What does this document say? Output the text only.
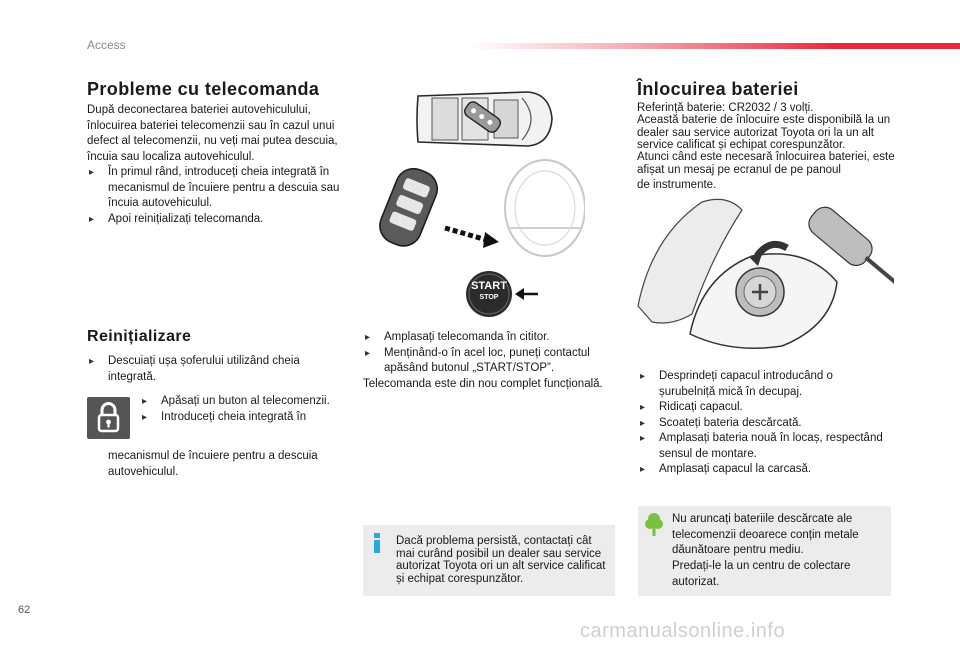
Access
Probleme cu telecomanda
După deconectarea bateriei autovehiculului, înlocuirea bateriei telecomenzii sau în cazul unui defect al telecomenzii, nu veți mai putea descuia, încuia sau localiza autovehiculul.
▸ În primul rând, introduceți cheia integrată în mecanismul de încuiere pentru a descuia sau încuia autovehiculul.
▸ Apoi reinițializați telecomanda.
Reinițializare
▸ Descuiați ușa șoferului utilizând cheia integrată.
▸ Apăsați un buton al telecomenzii.
▸ Introduceți cheia integrată în
mecanismul de încuiere pentru a descuia autovehiculul.
START
STOP
▸ Amplasați telecomanda în cititor.
▸ Menținând-o în acel loc, puneți contactul apăsând butonul „START/STOP”.
Telecomanda este din nou complet funcțională.
Dacă problema persistă, contactați cât mai curând posibil un dealer sau service autorizat Toyota ori un alt service calificat și echipat corespunzător.
Înlocuirea bateriei
Referință baterie: CR2032 / 3 volți.
Această baterie de înlocuire este disponibilă la un dealer sau service autorizat Toyota ori la un alt service calificat și echipat corespunzător.
Atunci când este necesară înlocuirea bateriei, este afișat un mesaj pe ecranul de pe panoul
de instrumente.
▸ Desprindeți capacul introducând o șurubelniță mică în decupaj.
▸ Ridicați capacul.
▸ Scoateți bateria descărcată.
▸ Amplasați bateria nouă în locaș, respectând sensul de montare.
▸ Amplasați capacul la carcasă.
Nu aruncați bateriile descărcate ale telecomenzii deoarece conțin metale dăunătoare pentru mediu.
Predați-le la un centru de colectare autorizat.
62
carmanualsonline.info
